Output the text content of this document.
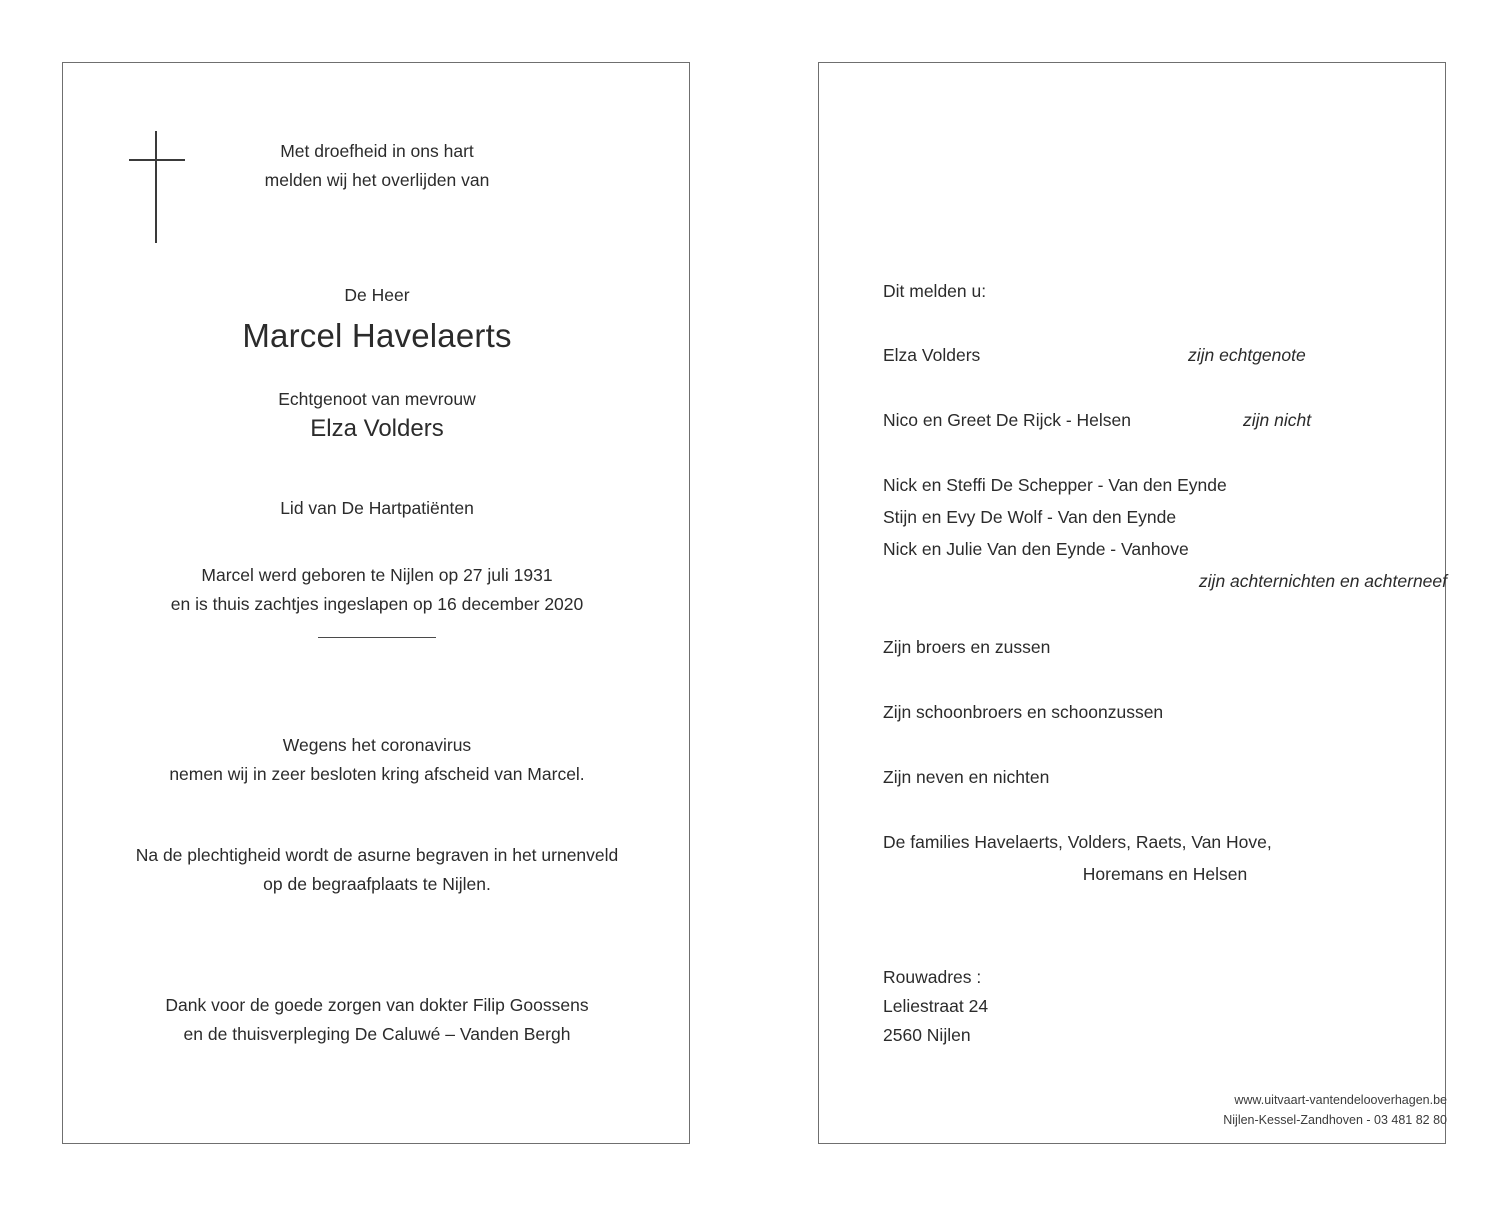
Met droefheid in ons hart
melden wij het overlijden van
De Heer
Marcel Havelaerts
Echtgenoot van mevrouw
Elza Volders
Lid van De Hartpatiënten
Marcel werd geboren te Nijlen op 27 juli 1931
en is thuis zachtjes ingeslapen op 16 december 2020
Wegens het coronavirus
nemen wij in zeer besloten kring afscheid van Marcel.
Na de plechtigheid wordt de asurne begraven in het urnenveld
op de begraafplaats te Nijlen.
Dank voor de goede zorgen van dokter Filip Goossens
en de thuisverpleging De Caluwé – Vanden Bergh
Dit melden u:
Elza Volders	zijn echtgenote
Nico en Greet De Rijck - Helsen	zijn nicht
Nick en Steffi De Schepper - Van den Eynde
Stijn en Evy De Wolf - Van den Eynde
Nick en Julie Van den Eynde - Vanhove
zijn achternichten en achterneef
Zijn broers en zussen
Zijn schoonbroers en schoonzussen
Zijn neven en nichten
De families Havelaerts, Volders, Raets, Van Hove,
Horemans en Helsen
Rouwadres :
Leliestraat 24
2560 Nijlen
www.uitvaart-vantendelooverhagen.be
Nijlen-Kessel-Zandhoven - 03 481 82 80
